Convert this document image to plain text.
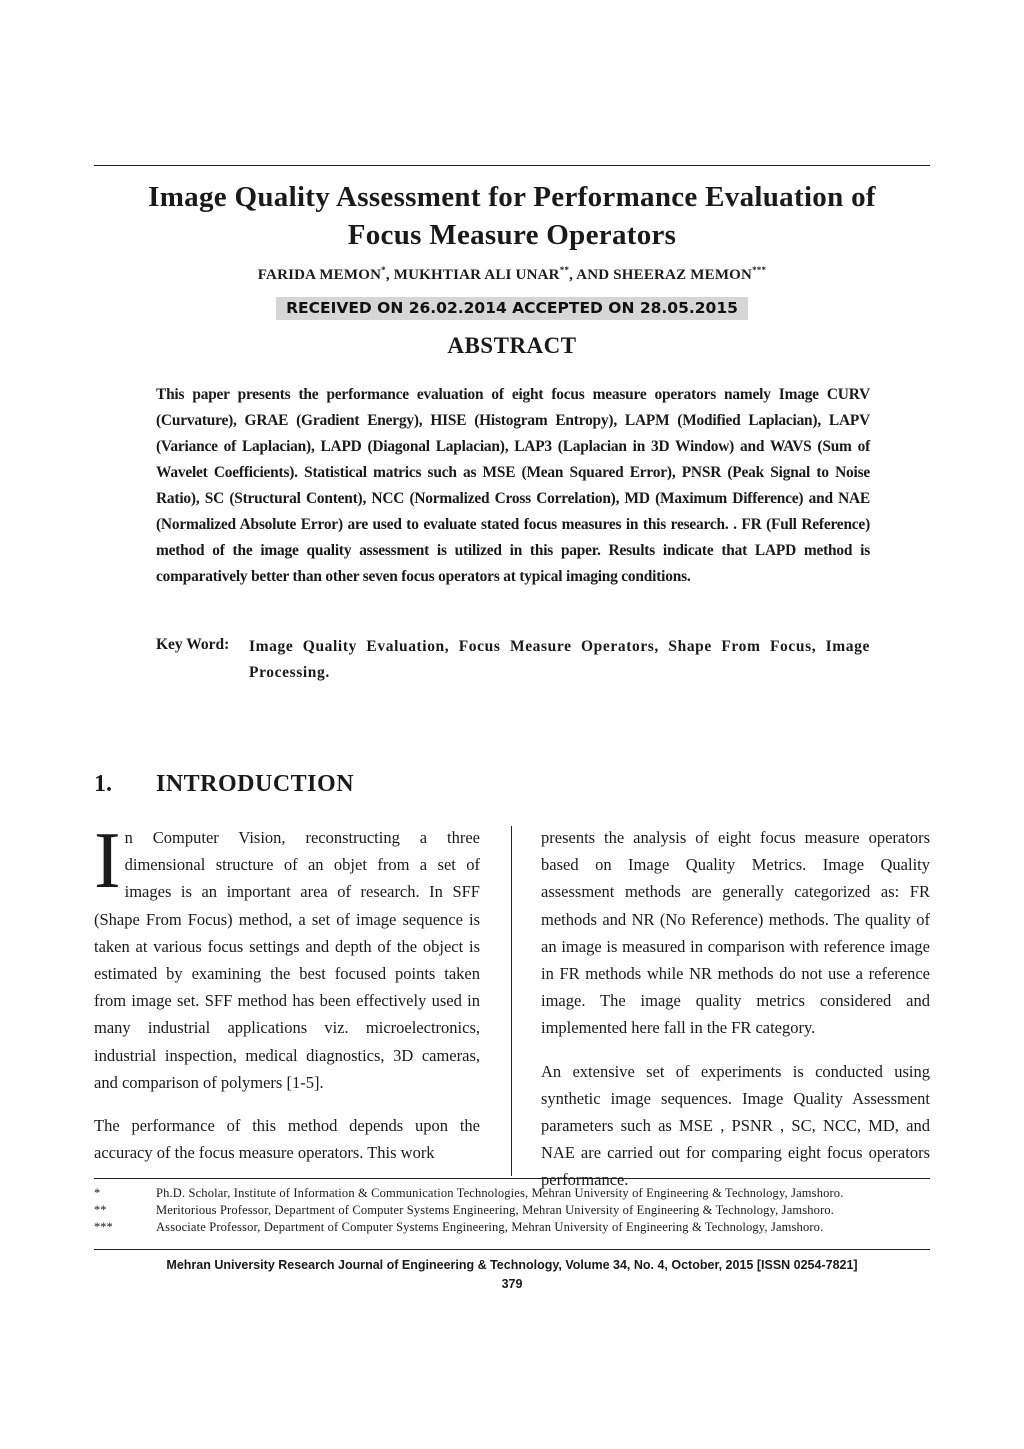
Image Quality Assessment for Performance Evaluation of
Focus Measure Operators
FARIDA MEMON*, MUKHTIAR ALI UNAR**, AND SHEERAZ MEMON***
RECEIVED ON 26.02.2014 ACCEPTED ON 28.05.2015
ABSTRACT
This paper presents the performance evaluation of eight focus measure operators namely Image CURV (Curvature), GRAE (Gradient Energy), HISE (Histogram Entropy), LAPM (Modified Laplacian), LAPV (Variance of Laplacian), LAPD (Diagonal Laplacian), LAP3 (Laplacian in 3D Window) and WAVS (Sum of Wavelet Coefficients). Statistical matrics such as MSE (Mean Squared Error), PNSR (Peak Signal to Noise Ratio), SC (Structural Content), NCC (Normalized Cross Correlation), MD (Maximum Difference) and NAE (Normalized Absolute Error) are used to evaluate stated focus measures in this research. . FR (Full Reference) method of the image quality assessment is utilized in this paper. Results indicate that LAPD method is comparatively better than other seven focus operators at typical imaging conditions.
Key Word: Image Quality Evaluation, Focus Measure Operators, Shape From Focus, Image Processing.
1. INTRODUCTION

In Computer Vision, reconstructing a three dimensional structure of an objet from a set of images is an important area of research. In SFF (Shape From Focus) method, a set of image sequence is taken at various focus settings and depth of the object is estimated by examining the best focused points taken from image set. SFF method has been effectively used in many industrial applications viz. microelectronics, industrial inspection, medical diagnostics, 3D cameras, and comparison of polymers [1-5].

The performance of this method depends upon the accuracy of the focus measure operators. This work

presents the analysis of eight focus measure operators based on Image Quality Metrics. Image Quality assessment methods are generally categorized as: FR methods and NR (No Reference) methods. The quality of an image is measured in comparison with reference image in FR methods while NR methods do not use a reference image. The image quality metrics considered and implemented here fall in the FR category.

An extensive set of experiments is conducted using synthetic image sequences. Image Quality Assessment parameters such as MSE , PSNR , SC, NCC, MD, and NAE are carried out for comparing eight focus operators performance.

*	Ph.D. Scholar, Institute of Information & Communication Technologies, Mehran University of Engineering & Technology, Jamshoro.
**	Meritorious Professor, Department of Computer Systems Engineering, Mehran University of Engineering & Technology, Jamshoro.
***	Associate Professor, Department of Computer Systems Engineering, Mehran University of Engineering & Technology, Jamshoro.
Mehran University Research Journal of Engineering & Technology, Volume 34, No. 4, October, 2015 [ISSN 0254-7821]
379
